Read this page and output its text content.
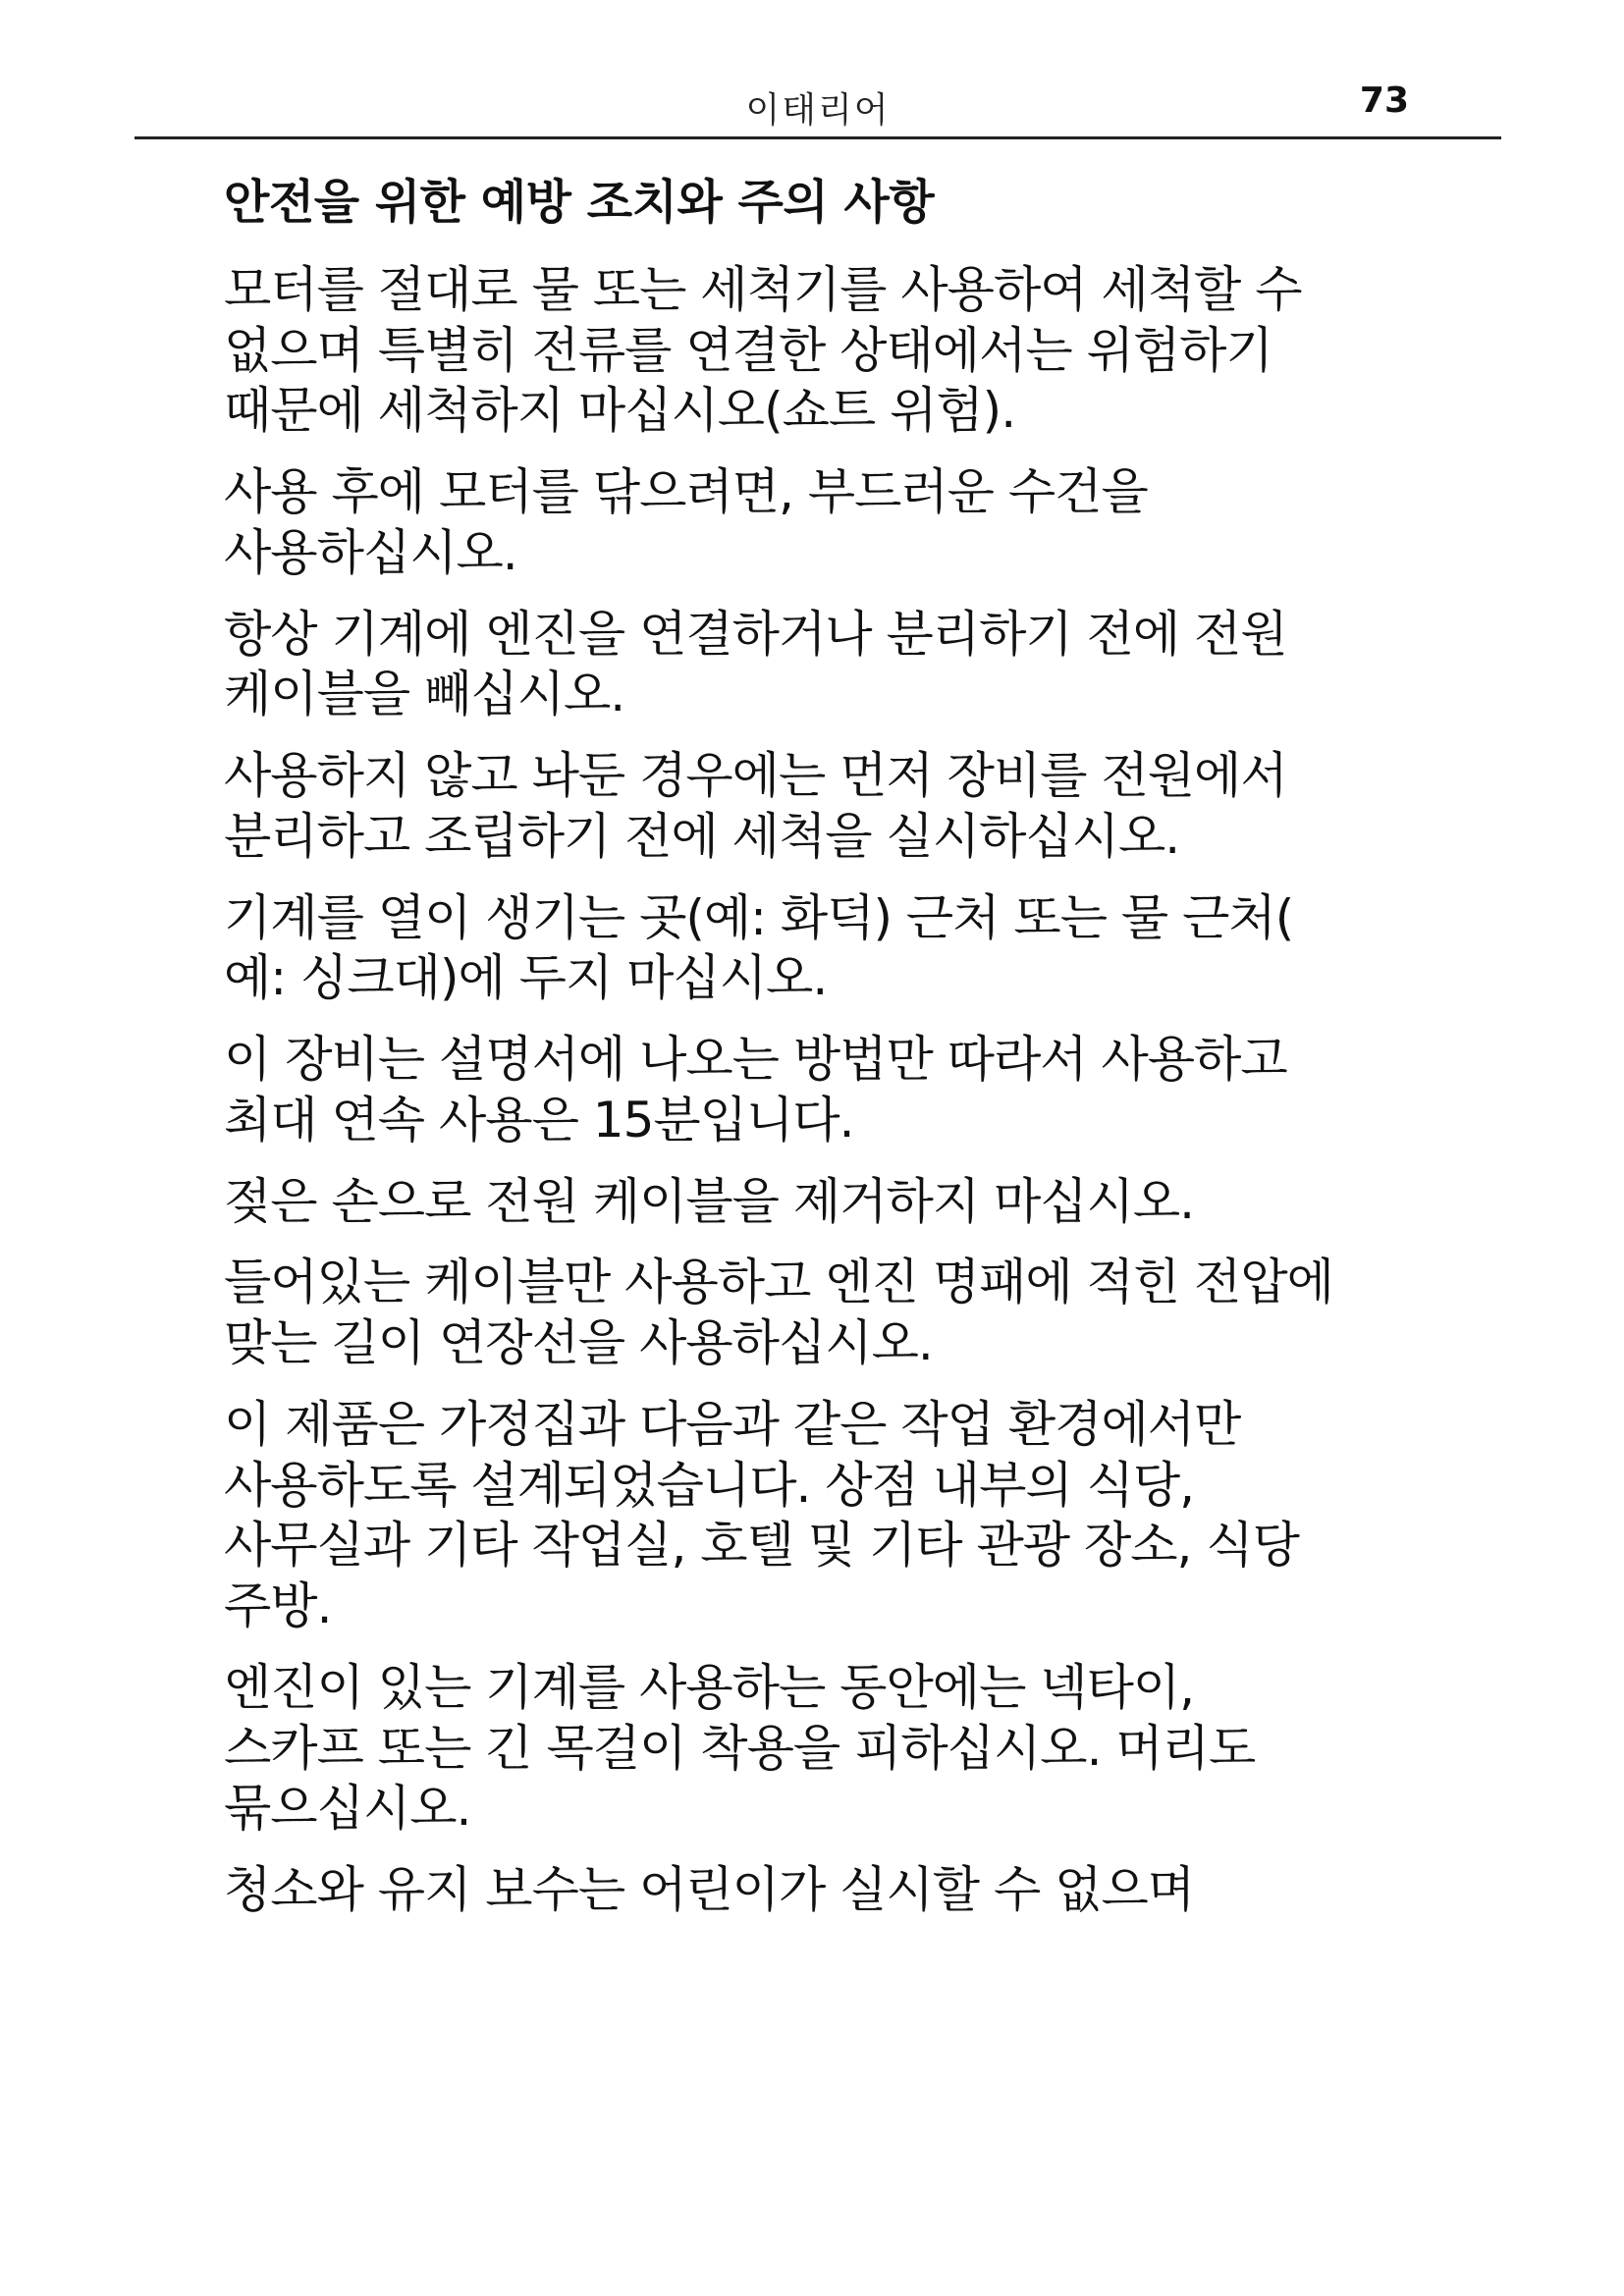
이태리어	73
안전을 위한 예방 조치와 주의 사항

모터를 절대로 물 또는 세척기를 사용하여 세척할 수
없으며 특별히 전류를 연결한 상태에서는 위험하기
때문에 세척하지 마십시오(쇼트 위험).

사용 후에 모터를 닦으려면, 부드러운 수건을
사용하십시오.

항상 기계에 엔진을 연결하거나 분리하기 전에 전원
케이블을 빼십시오.

사용하지 않고 놔둔 경우에는 먼저 장비를 전원에서
분리하고 조립하기 전에 세척을 실시하십시오.

기계를 열이 생기는 곳(예: 화덕) 근처 또는 물 근처(
예: 싱크대)에 두지 마십시오.

이 장비는 설명서에 나오는 방법만 따라서 사용하고
최대 연속 사용은 15분입니다.

젖은 손으로 전원 케이블을 제거하지 마십시오.

들어있는 케이블만 사용하고 엔진 명패에 적힌 전압에
맞는 길이 연장선을 사용하십시오.

이 제품은 가정집과 다음과 같은 작업 환경에서만
사용하도록 설계되었습니다. 상점 내부의 식당,
사무실과 기타 작업실, 호텔 및 기타 관광 장소, 식당
주방.

엔진이 있는 기계를 사용하는 동안에는 넥타이,
스카프 또는 긴 목걸이 착용을 피하십시오. 머리도
묶으십시오.

청소와 유지 보수는 어린이가 실시할 수 없으며
